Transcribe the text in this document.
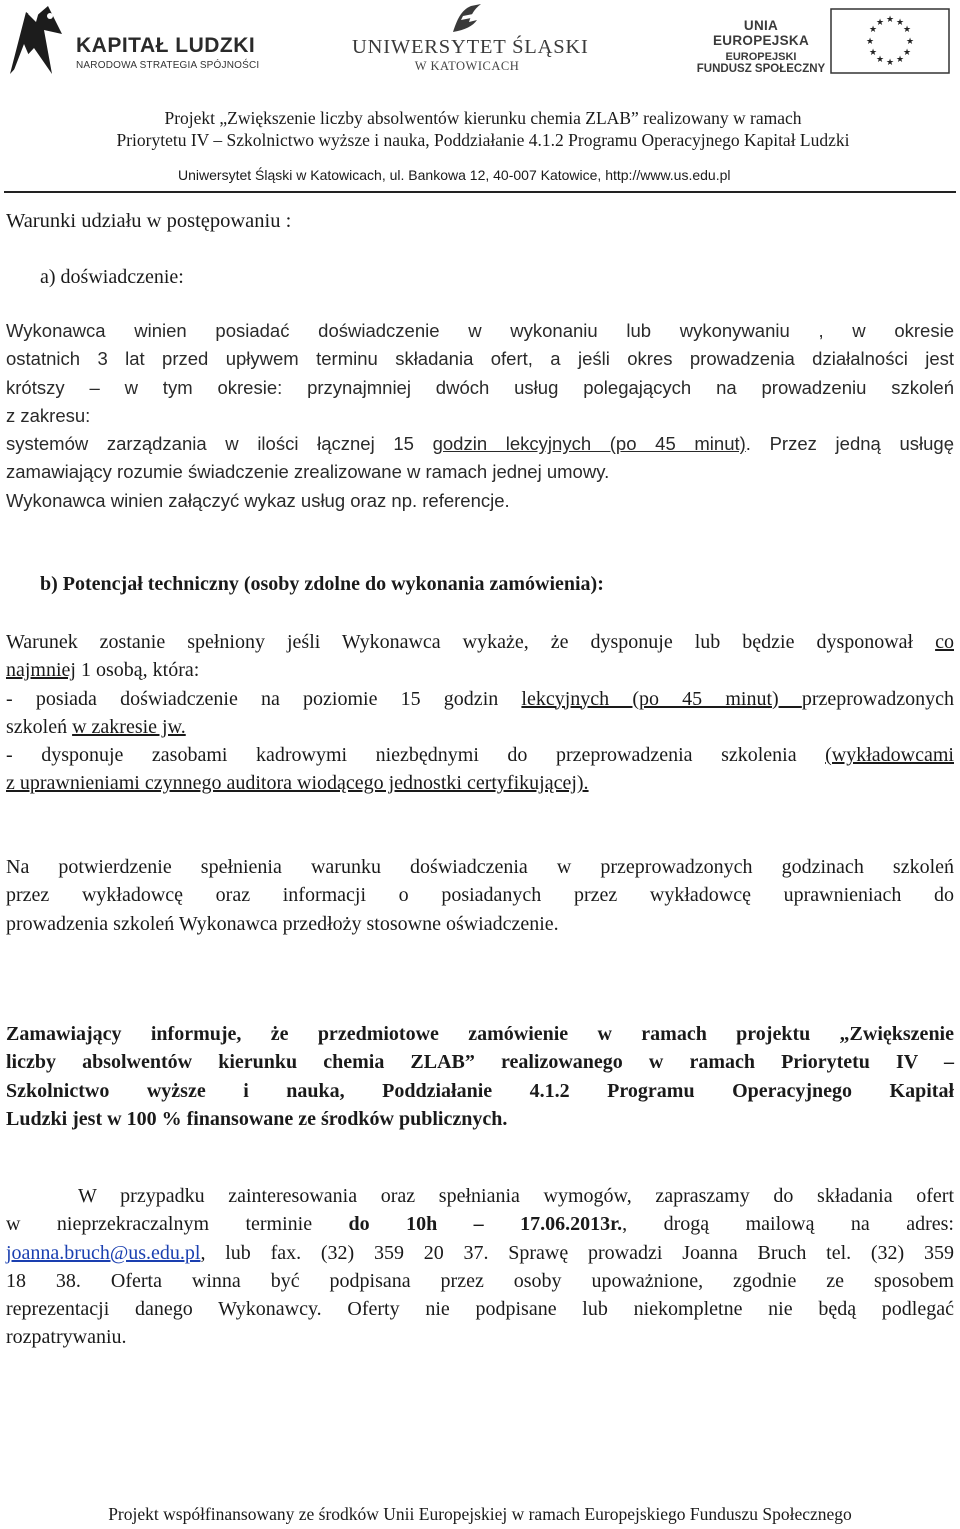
KAPITAŁ LUDZKI
NARODOWA STRATEGIA SPÓJNOŚCI
UNIWERSYTET ŚLĄSKI
W KATOWICACH
UNIA EUROPEJSKA
EUROPEJSKI
FUNDUSZ SPOŁECZNY
★ ★
★
★
★
★
★
★
★
★
★
★
Projekt „Zwiększenie liczby absolwentów kierunku chemia ZLAB” realizowany w ramach
Priorytetu IV – Szkolnictwo wyższe i nauka, Poddziałanie 4.1.2 Programu Operacyjnego Kapitał Ludzki
Uniwersytet Śląski w Katowicach, ul. Bankowa 12, 40-007 Katowice, http://www.us.edu.pl
Warunki udziału w postępowaniu :
a) doświadczenie:
Wykonawca winien posiadać doświadczenie w wykonaniu lub wykonywaniu , w okresie
ostatnich 3 lat przed upływem terminu składania ofert, a jeśli okres prowadzenia działalności jest
krótszy – w tym okresie: przynajmniej dwóch usług polegających na prowadzeniu szkoleń
z zakresu:
systemów zarządzania w ilości łącznej 15 godzin lekcyjnych (po 45 minut). Przez jedną usługę
zamawiający rozumie świadczenie zrealizowane w ramach jednej umowy.
Wykonawca winien załączyć wykaz usług oraz np. referencje.
b) Potencjał techniczny (osoby zdolne do wykonania zamówienia):
Warunek zostanie spełniony jeśli Wykonawca wykaże, że dysponuje lub będzie dysponował co
najmniej 1 osobą, która:
- posiada doświadczenie na poziomie 15 godzin lekcyjnych (po 45 minut) przeprowadzonych
szkoleń w zakresie jw.
- dysponuje zasobami kadrowymi niezbędnymi do przeprowadzenia szkolenia (wykładowcami
z uprawnieniami czynnego auditora wiodącego jednostki certyfikującej).
Na potwierdzenie spełnienia warunku doświadczenia w przeprowadzonych godzinach szkoleń
przez wykładowcę oraz informacji o posiadanych przez wykładowcę uprawnieniach do
prowadzenia szkoleń Wykonawca przedłoży stosowne oświadczenie.
Zamawiający informuje, że przedmiotowe zamówienie w ramach projektu „Zwiększenie
liczby absolwentów kierunku chemia ZLAB” realizowanego w ramach Priorytetu IV –
Szkolnictwo wyższe i nauka, Poddziałanie 4.1.2 Programu Operacyjnego Kapitał
Ludzki jest w 100 % finansowane ze środków publicznych.
W przypadku zainteresowania oraz spełniania wymogów, zapraszamy do składania ofert
w nieprzekraczalnym terminie do 10h – 17.06.2013r., drogą mailową na adres:
joanna.bruch@us.edu.pl, lub fax. (32) 359 20 37. Sprawę prowadzi Joanna Bruch tel. (32) 359
18 38. Oferta winna być podpisana przez osoby upoważnione, zgodnie ze sposobem
reprezentacji danego Wykonawcy. Oferty nie podpisane lub niekompletne nie będą podlegać
rozpatrywaniu.
Projekt współfinansowany ze środków Unii Europejskiej w ramach Europejskiego Funduszu Społecznego
